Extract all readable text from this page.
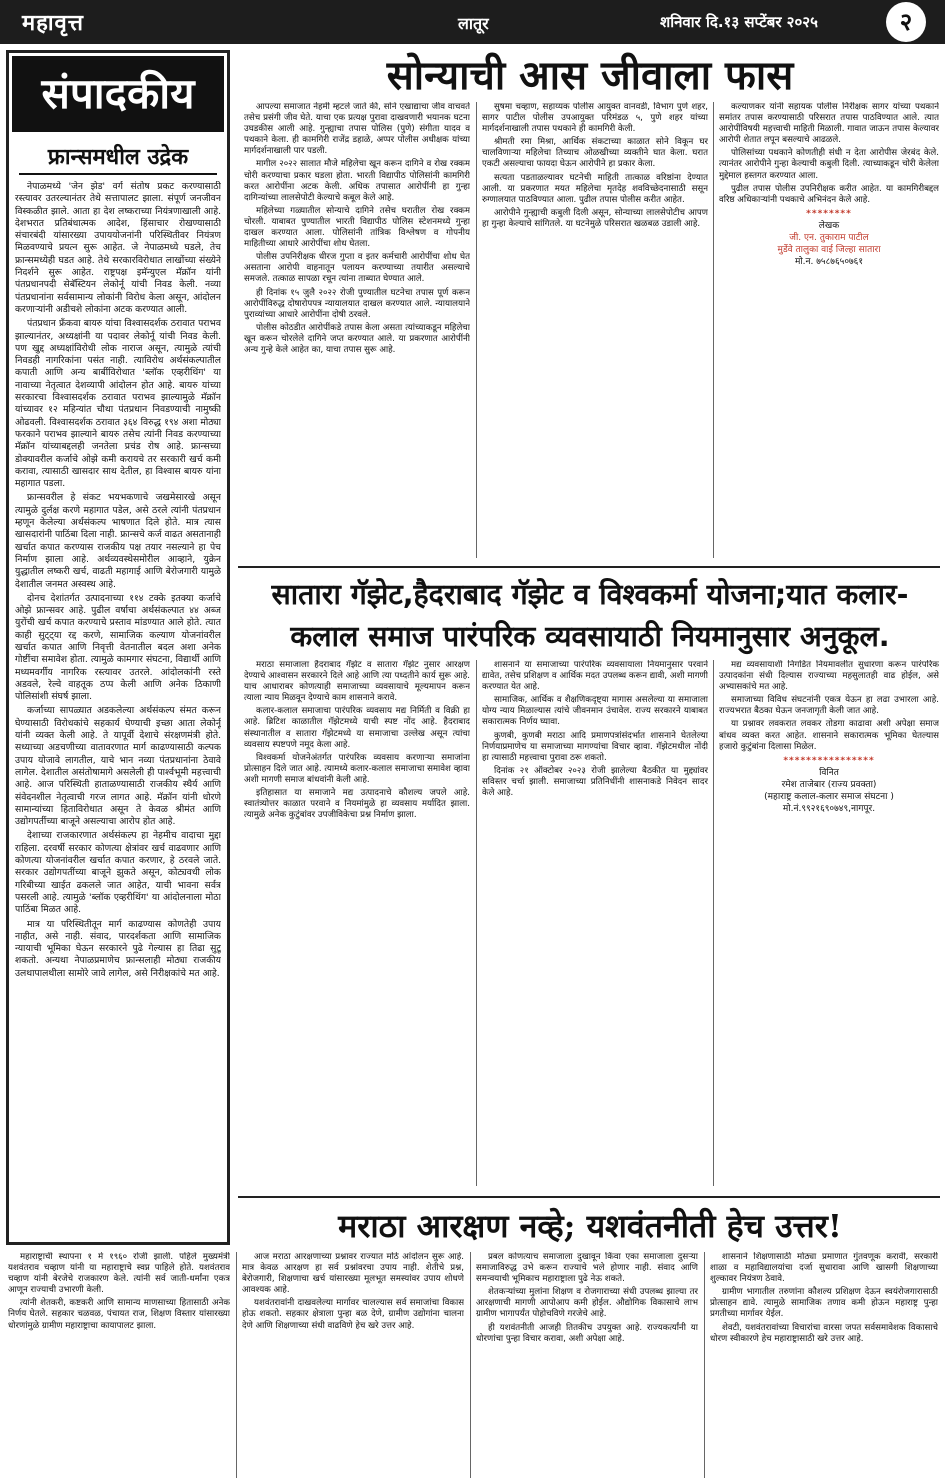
महावृत्त	लातूर	शनिवार दि.१३ सप्टेंबर २०२५	२
संपादकीय
फ्रान्समधील उद्रेक

नेपाळमध्ये 'जेन झेड' वर्ग संतोष प्रकट करण्यासाठी रस्त्यावर उतरल्यानंतर तेथे सत्तापालट झाला. संपूर्ण जनजीवन विस्कळीत झाले. आता हा देश लष्कराच्या नियंत्रणाखाली आहे. देशभरात प्रतिबंधात्मक आदेश, हिंसाचार रोखण्यासाठी संचारबंदी यांसारख्या उपाययोजनांनी परिस्थितीवर नियंत्रण मिळवण्याचे प्रयत्न सुरू आहेत. जे नेपाळमध्ये घडले, तेच फ्रान्समध्येही घडत आहे. तेथे सरकारविरोधात लाखोंच्या संख्येने निदर्शने सुरू आहेत. राष्ट्रपक्ष इमॅन्युएल मॅक्रॉन यांनी पंतप्रधानपदी सेबॅस्टियन लेकोर्नू यांची निवड केली. नव्या पंतप्रधानांना सर्वसामान्य लोकांनी विरोध केला असून, आंदोलन करणाऱ्यांनी अडीचशे लोकांना अटक करण्यात आली.

पंतप्रधान फ्रँकवा बायरु यांचा विश्वासदर्शक ठरावात पराभव झाल्यानंतर, अध्यक्षांनी या पदावर लेकोर्नू यांची निवड केली. पण खुद्द अध्यक्षांविरोधी लोक नाराज असून, त्यामुळे त्यांची निवडही नागरिकांना पसंत नाही. त्याविरोध अर्थसंकल्पातील कपाती आणि अन्य बाबींविरोधात 'ब्लॉक एव्हरीथिंग' या नावाच्या नेतृत्वात देशव्यापी आंदोलन होत आहे. बायरु यांच्या सरकारचा विश्वासदर्शक ठरावात पराभव झाल्यामुळे मॅक्रॉन यांच्यावर १२ महिन्यांत चौथा पंतप्रधान निवडण्याची नामुष्की ओढवली. विश्वासदर्शक ठरावात ३६४ विरुद्ध १९४ अशा मोठ्या फरकाने पराभव झाल्याने बायरु तसेच त्यांनी निवड करण्याच्या मॅक्रॉन यांच्याबद्दलही जनतेला प्रचंड रोष आहे. फ्रान्सच्या डोक्यावरील कर्जाचे ओझे कमी करायचे तर सरकारी खर्च कमी करावा, त्यासाठी खासदार साथ देतील, हा विश्वास बायरु यांना महागात पडला.

फ्रान्सवरील हे संकट भयभकणाचे जखमेसारखे असून त्यामुळे दुर्लक्ष करणे महागात पडेल, असे ठरले त्यांनी पंतप्रधान म्हणून केलेल्या अर्थसंकल्प भाषणात दिले होते. मात्र त्यास खासदारांनी पाठिंबा दिला नाही. फ्रान्सचे कर्ज वाढत असतानाही खर्चात कपात करण्यास राजकीय पक्ष तयार नसल्याने हा पेच निर्माण झाला आहे. अर्थव्यवस्थेसमोरील आव्हाने, युक्रेन युद्धातील लष्करी खर्च, वाढती महागाई आणि बेरोजगारी यामुळे देशातील जनमत अस्वस्थ आहे.

दोनच देशांतर्गत उत्पादनाच्या ११४ टक्के इतक्या कर्जाचे ओझे फ्रान्सवर आहे. पुढील वर्षाचा अर्थसंकल्पात ४४ अब्ज युरोंची खर्च कपात करण्याचे प्रस्ताव मांडण्यात आले होते. त्यात काही सुट्ट्या रद्द करणे, सामाजिक कल्याण योजनांवरील खर्चात कपात आणि निवृत्ती वेतनातील बदल अशा अनेक गोष्टींचा समावेश होता. त्यामुळे कामगार संघटना, विद्यार्थी आणि मध्यमवर्गीय नागरिक रस्त्यावर उतरले. आंदोलकांनी रस्ते अडवले, रेल्वे वाहतूक ठप्प केली आणि अनेक ठिकाणी पोलिसांशी संघर्ष झाला.

कर्जाच्या सापळ्यात अडकलेल्या अर्थसंकल्प संमत करून घेण्यासाठी विरोधकांचे सहकार्य घेण्याची इच्छा आता लेकोर्नू यांनी व्यक्त केली आहे. ते यापूर्वी देशाचे संरक्षणमंत्री होते. सध्याच्या अडचणीच्या वातावरणात मार्ग काढण्यासाठी कल्पक उपाय योजावे लागतील, याचे भान नव्या पंतप्रधानांना ठेवावे लागेल. देशातील असंतोषामागे असलेली ही पार्श्वभूमी महत्त्वाची आहे. आज परिस्थिती हाताळण्यासाठी राजकीय स्थैर्य आणि संवेदनशील नेतृत्वाची गरज लागत आहे. मॅक्रॉन यांनी धोरणे सामान्यांच्या हिताविरोधात असून ते केवळ श्रीमंत आणि उद्योगपतींच्या बाजूने असल्याचा आरोप होत आहे.

देशाच्या राजकारणात अर्थसंकल्प हा नेहमीच वादाचा मुद्दा राहिला. दरवर्षी सरकार कोणत्या क्षेत्रांवर खर्च वाढवणार आणि कोणत्या योजनांवरील खर्चात कपात करणार, हे ठरवले जाते. सरकार उद्योगपतींच्या बाजूने झुकते असून, कोट्यवधी लोक गरिबीच्या खाईत ढकलले जात आहेत, याची भावना सर्वत्र पसरली आहे. त्यामुळे 'ब्लॉक एव्हरीथिंग' या आंदोलनाला मोठा पाठिंबा मिळत आहे.

मात्र या परिस्थितीतून मार्ग काढण्यास कोणतेही उपाय नाहीत, असे नाही. संवाद, पारदर्शकता आणि सामाजिक न्यायाची भूमिका घेऊन सरकारने पुढे गेल्यास हा तिढा सुटू शकतो. अन्यथा नेपाळप्रमाणेच फ्रान्सलाही मोठ्या राजकीय उलथापालथीला सामोरे जावे लागेल, असे निरीक्षकांचे मत आहे.

सोन्याची आस जीवाला फास

आपल्या समाजात नेहमी म्हटले जाते की, सोने एखाद्याचा जीव वाचवते तसेच प्रसंगी जीव घेते. याचा एक प्रत्यक्ष पुरावा दाखवणारी भयानक घटना उघडकीस आली आहे. गुन्ह्याचा तपास पोलिस (पुणे) संगीता यादव व पथकाने केला. ही कामगिरी राजेंद्र डहाळे, अप्पर पोलीस अधीक्षक यांच्या मार्गदर्शनाखाली पार पडली.

मागील २०२२ सालात मौजे महिलेचा खून करून दागिने व रोख रक्कम चोरी करण्याचा प्रकार घडला होता. भारती विद्यापीठ पोलिसांनी कामगिरी करत आरोपींना अटक केली. अधिक तपासात आरोपींनी हा गुन्हा दागिन्यांच्या लालसेपोटी केल्याचे कबूल केले आहे.

महिलेच्या गळ्यातील सोन्याचे दागिने तसेच घरातील रोख रक्कम चोरली. याबाबत पुण्यातील भारती विद्यापीठ पोलिस स्टेशनमध्ये गुन्हा दाखल करण्यात आला. पोलिसांनी तांत्रिक विश्लेषण व गोपनीय माहितीच्या आधारे आरोपींचा शोध घेतला.

पोलीस उपनिरीक्षक धीरज गुप्ता व इतर कर्मचारी आरोपींचा शोध घेत असताना आरोपी वाहनातून पलायन करण्याच्या तयारीत असल्याचे समजले. तत्काळ सापळा रचून त्यांना ताब्यात घेण्यात आले.

ही दिनांक १५ जुलै २०२२ रोजी पुण्यातील घटनेचा तपास पूर्ण करून आरोपींविरुद्ध दोषारोपपत्र न्यायालयात दाखल करण्यात आले. न्यायालयाने पुराव्यांच्या आधारे आरोपींना दोषी ठरवले.

पोलीस कोठडीत आरोपींकडे तपास केला असता त्यांच्याकडून महिलेचा खून करून चोरलेले दागिने जप्त करण्यात आले. या प्रकरणात आरोपींनी अन्य गुन्हे केले आहेत का, याचा तपास सुरू आहे.

सुषमा चव्हाण, सहाय्यक पोलीस आयुक्त वानवडी, विभाग पुणे शहर, सागर पाटील पोलीस उपआयुक्त परिमंडळ ५, पुणे शहर यांच्या मार्गदर्शनाखाली तपास पथकाने ही कामगिरी केली.

श्रीमती रमा मिश्रा, आर्थिक संकटाच्या काळात सोने विकून घर चालविणाऱ्या महिलेचा तिच्याच ओळखीच्या व्यक्तीने घात केला. घरात एकटी असल्याचा फायदा घेऊन आरोपीने हा प्रकार केला.

सत्यता पडताळल्यावर घटनेची माहिती तात्काळ वरिष्ठांना देण्यात आली. या प्रकरणात मयत महिलेचा मृतदेह शवविच्छेदनासाठी ससून रुग्णालयात पाठविण्यात आला. पुढील तपास पोलीस करीत आहेत.

आरोपीने गुन्ह्याची कबुली दिली असून, सोन्याच्या लालसेपोटीच आपण हा गुन्हा केल्याचे सांगितले. या घटनेमुळे परिसरात खळबळ उडाली आहे.

कल्याणकर यांनी सहायक पोलीस निरीक्षक सागर यांच्या पथकाने समांतर तपास करण्यासाठी परिसरात तपास पाठविण्यात आले. त्यात आरोपींविषयी महत्त्वाची माहिती मिळाली. गावात जाऊन तपास केल्यावर आरोपी शेतात लपून बसल्याचे आढळले.

पोलिसांच्या पथकाने कोणतीही संधी न देता आरोपीस जेरबंद केले. त्यानंतर आरोपीने गुन्हा केल्याची कबुली दिली. त्याच्याकडून चोरी केलेला मुद्देमाल हस्तगत करण्यात आला.

पुढील तपास पोलीस उपनिरीक्षक करीत आहेत. या कामगिरीबद्दल वरिष्ठ अधिकाऱ्यांनी पथकाचे अभिनंदन केले आहे.

********
लेखक
जी. एन. तुकाराम पाटील
मुर्डेवे तालुका वाई जिल्हा सातारा
मो.न. ७५८७६५०७६१
सातारा गॅझेट,हैदराबाद गॅझेट व विश्वकर्मा योजना;यात कलार-
कलाल समाज पारंपरिक व्यवसायाठी नियमानुसार अनुकूल.

मराठा समाजाला हैदराबाद गॅझेट व सातारा गॅझेट नुसार आरक्षण देण्याचे आश्वासन सरकारने दिले आहे आणि त्या पध्दतीने कार्य सुरू आहे. याच आधाराबर कोणत्याही समाजाच्या व्यवसायाचे मूल्यमापन करून त्याला न्याय मिळवून देण्याचे काम शासनाने करावे.

कलार-कलाल समाजाचा पारंपरिक व्यवसाय मद्य निर्मिती व विक्री हा आहे. ब्रिटिश काळातील गॅझेटमध्ये याची स्पष्ट नोंद आहे. हैदराबाद संस्थानातील व सातारा गॅझेटमध्ये या समाजाचा उल्लेख असून त्यांचा व्यवसाय स्पष्टपणे नमूद केला आहे.

विश्वकर्मा योजनेअंतर्गत पारंपरिक व्यवसाय करणाऱ्या समाजांना प्रोत्साहन दिले जात आहे. त्यामध्ये कलार-कलाल समाजाचा समावेश व्हावा अशी मागणी समाज बांधवांनी केली आहे.

इतिहासात या समाजाने मद्य उत्पादनाचे कौशल्य जपले आहे. स्वातंत्र्योत्तर काळात परवाने व नियमांमुळे हा व्यवसाय मर्यादित झाला. त्यामुळे अनेक कुटुंबांवर उपजीविकेचा प्रश्न निर्माण झाला.

शासनाने या समाजाच्या पारंपरिक व्यवसायाला नियमानुसार परवाने द्यावेत, तसेच प्रशिक्षण व आर्थिक मदत उपलब्ध करून द्यावी, अशी मागणी करण्यात येत आहे.

सामाजिक, आर्थिक व शैक्षणिकदृष्ट्या मागास असलेल्या या समाजाला योग्य न्याय मिळाल्यास त्यांचे जीवनमान उंचावेल. राज्य सरकारने याबाबत सकारात्मक निर्णय घ्यावा.

कुणबी, कुणबी मराठा आदि प्रमाणपत्रांसंदर्भात शासनाने घेतलेल्या निर्णयाप्रमाणेच या समाजाच्या मागण्यांचा विचार व्हावा. गॅझेटमधील नोंदी हा त्यासाठी महत्त्वाचा पुरावा ठरू शकतो.

दिनांक २१ ऑक्टोबर २०२३ रोजी झालेल्या बैठकीत या मुद्द्यांवर सविस्तर चर्चा झाली. समाजाच्या प्रतिनिधींनी शासनाकडे निवेदन सादर केले आहे.

मद्य व्यवसायाशी निगडित नियमावलीत सुधारणा करून पारंपरिक उत्पादकांना संधी दिल्यास राज्याच्या महसुलातही वाढ होईल, असे अभ्यासकांचे मत आहे.

समाजाच्या विविध संघटनांनी एकत्र येऊन हा लढा उभारला आहे. राज्यभरात बैठका घेऊन जनजागृती केली जात आहे.

या प्रश्नावर लवकरात लवकर तोडगा काढावा अशी अपेक्षा समाज बांधव व्यक्त करत आहेत. शासनाने सकारात्मक भूमिका घेतल्यास हजारो कुटुंबांना दिलासा मिळेल.

****************
विनित
रमेश ताजेबार (राज्य प्रवक्ता)
(महाराष्ट्र कलाल-कलार समाज संघटना )
मो.नं.९९२१६९०७४९,नागपूर.
मराठा आरक्षण नव्हे; यशवंतनीती हेच उत्तर!

महाराष्ट्राची स्थापना १ मे १९६० रोजी झाली. पहिले मुख्यमंत्री यशवंतराव चव्हाण यांनी या महाराष्ट्राचे स्वप्न पाहिले होते. यशवंतराव चव्हाण यांनी बेरजेचे राजकारण केले. त्यांनी सर्व जाती-धर्मांना एकत्र आणून राज्याची उभारणी केली.

त्यांनी शेतकरी, कष्टकरी आणि सामान्य माणसाच्या हितासाठी अनेक निर्णय घेतले. सहकार चळवळ, पंचायत राज, शिक्षण विस्तार यांसारख्या धोरणांमुळे ग्रामीण महाराष्ट्राचा कायापालट झाला.

आज मराठा आरक्षणाच्या प्रश्नावर राज्यात मोठे आंदोलन सुरू आहे. मात्र केवळ आरक्षण हा सर्व प्रश्नांवरचा उपाय नाही. शेतीचे प्रश्न, बेरोजगारी, शिक्षणाचा खर्च यांसारख्या मूलभूत समस्यांवर उपाय शोधणे आवश्यक आहे.

यशवंतरावांनी दाखवलेल्या मार्गावर चालल्यास सर्व समाजांचा विकास होऊ शकतो. सहकार क्षेत्राला पुन्हा बळ देणे, ग्रामीण उद्योगांना चालना देणे आणि शिक्षणाच्या संधी वाढविणे हेच खरे उत्तर आहे.

प्रबल कोणत्याच समाजाला दुखावून किंवा एका समाजाला दुसऱ्या समाजाविरुद्ध उभे करून राज्याचे भले होणार नाही. संवाद आणि समन्वयाची भूमिकाच महाराष्ट्राला पुढे नेऊ शकते.

शेतकऱ्यांच्या मुलांना शिक्षण व रोजगाराच्या संधी उपलब्ध झाल्या तर आरक्षणाची मागणी आपोआप कमी होईल. औद्योगिक विकासाचे लाभ ग्रामीण भागापर्यंत पोहोचविणे गरजेचे आहे.

ही यशवंतनीती आजही तितकीच उपयुक्त आहे. राज्यकर्त्यांनी या धोरणांचा पुन्हा विचार करावा, अशी अपेक्षा आहे.

शासनाने शिक्षणासाठी मोठ्या प्रमाणात गुंतवणूक करावी, सरकारी शाळा व महाविद्यालयांचा दर्जा सुधारावा आणि खासगी शिक्षणाच्या शुल्कावर नियंत्रण ठेवावे.

ग्रामीण भागातील तरुणांना कौशल्य प्रशिक्षण देऊन स्वयंरोजगारासाठी प्रोत्साहन द्यावे. त्यामुळे सामाजिक तणाव कमी होऊन महाराष्ट्र पुन्हा प्रगतीच्या मार्गावर येईल.

शेवटी, यशवंतरावांच्या विचारांचा वारसा जपत सर्वसमावेशक विकासाचे धोरण स्वीकारणे हेच महाराष्ट्रासाठी खरे उत्तर आहे.
